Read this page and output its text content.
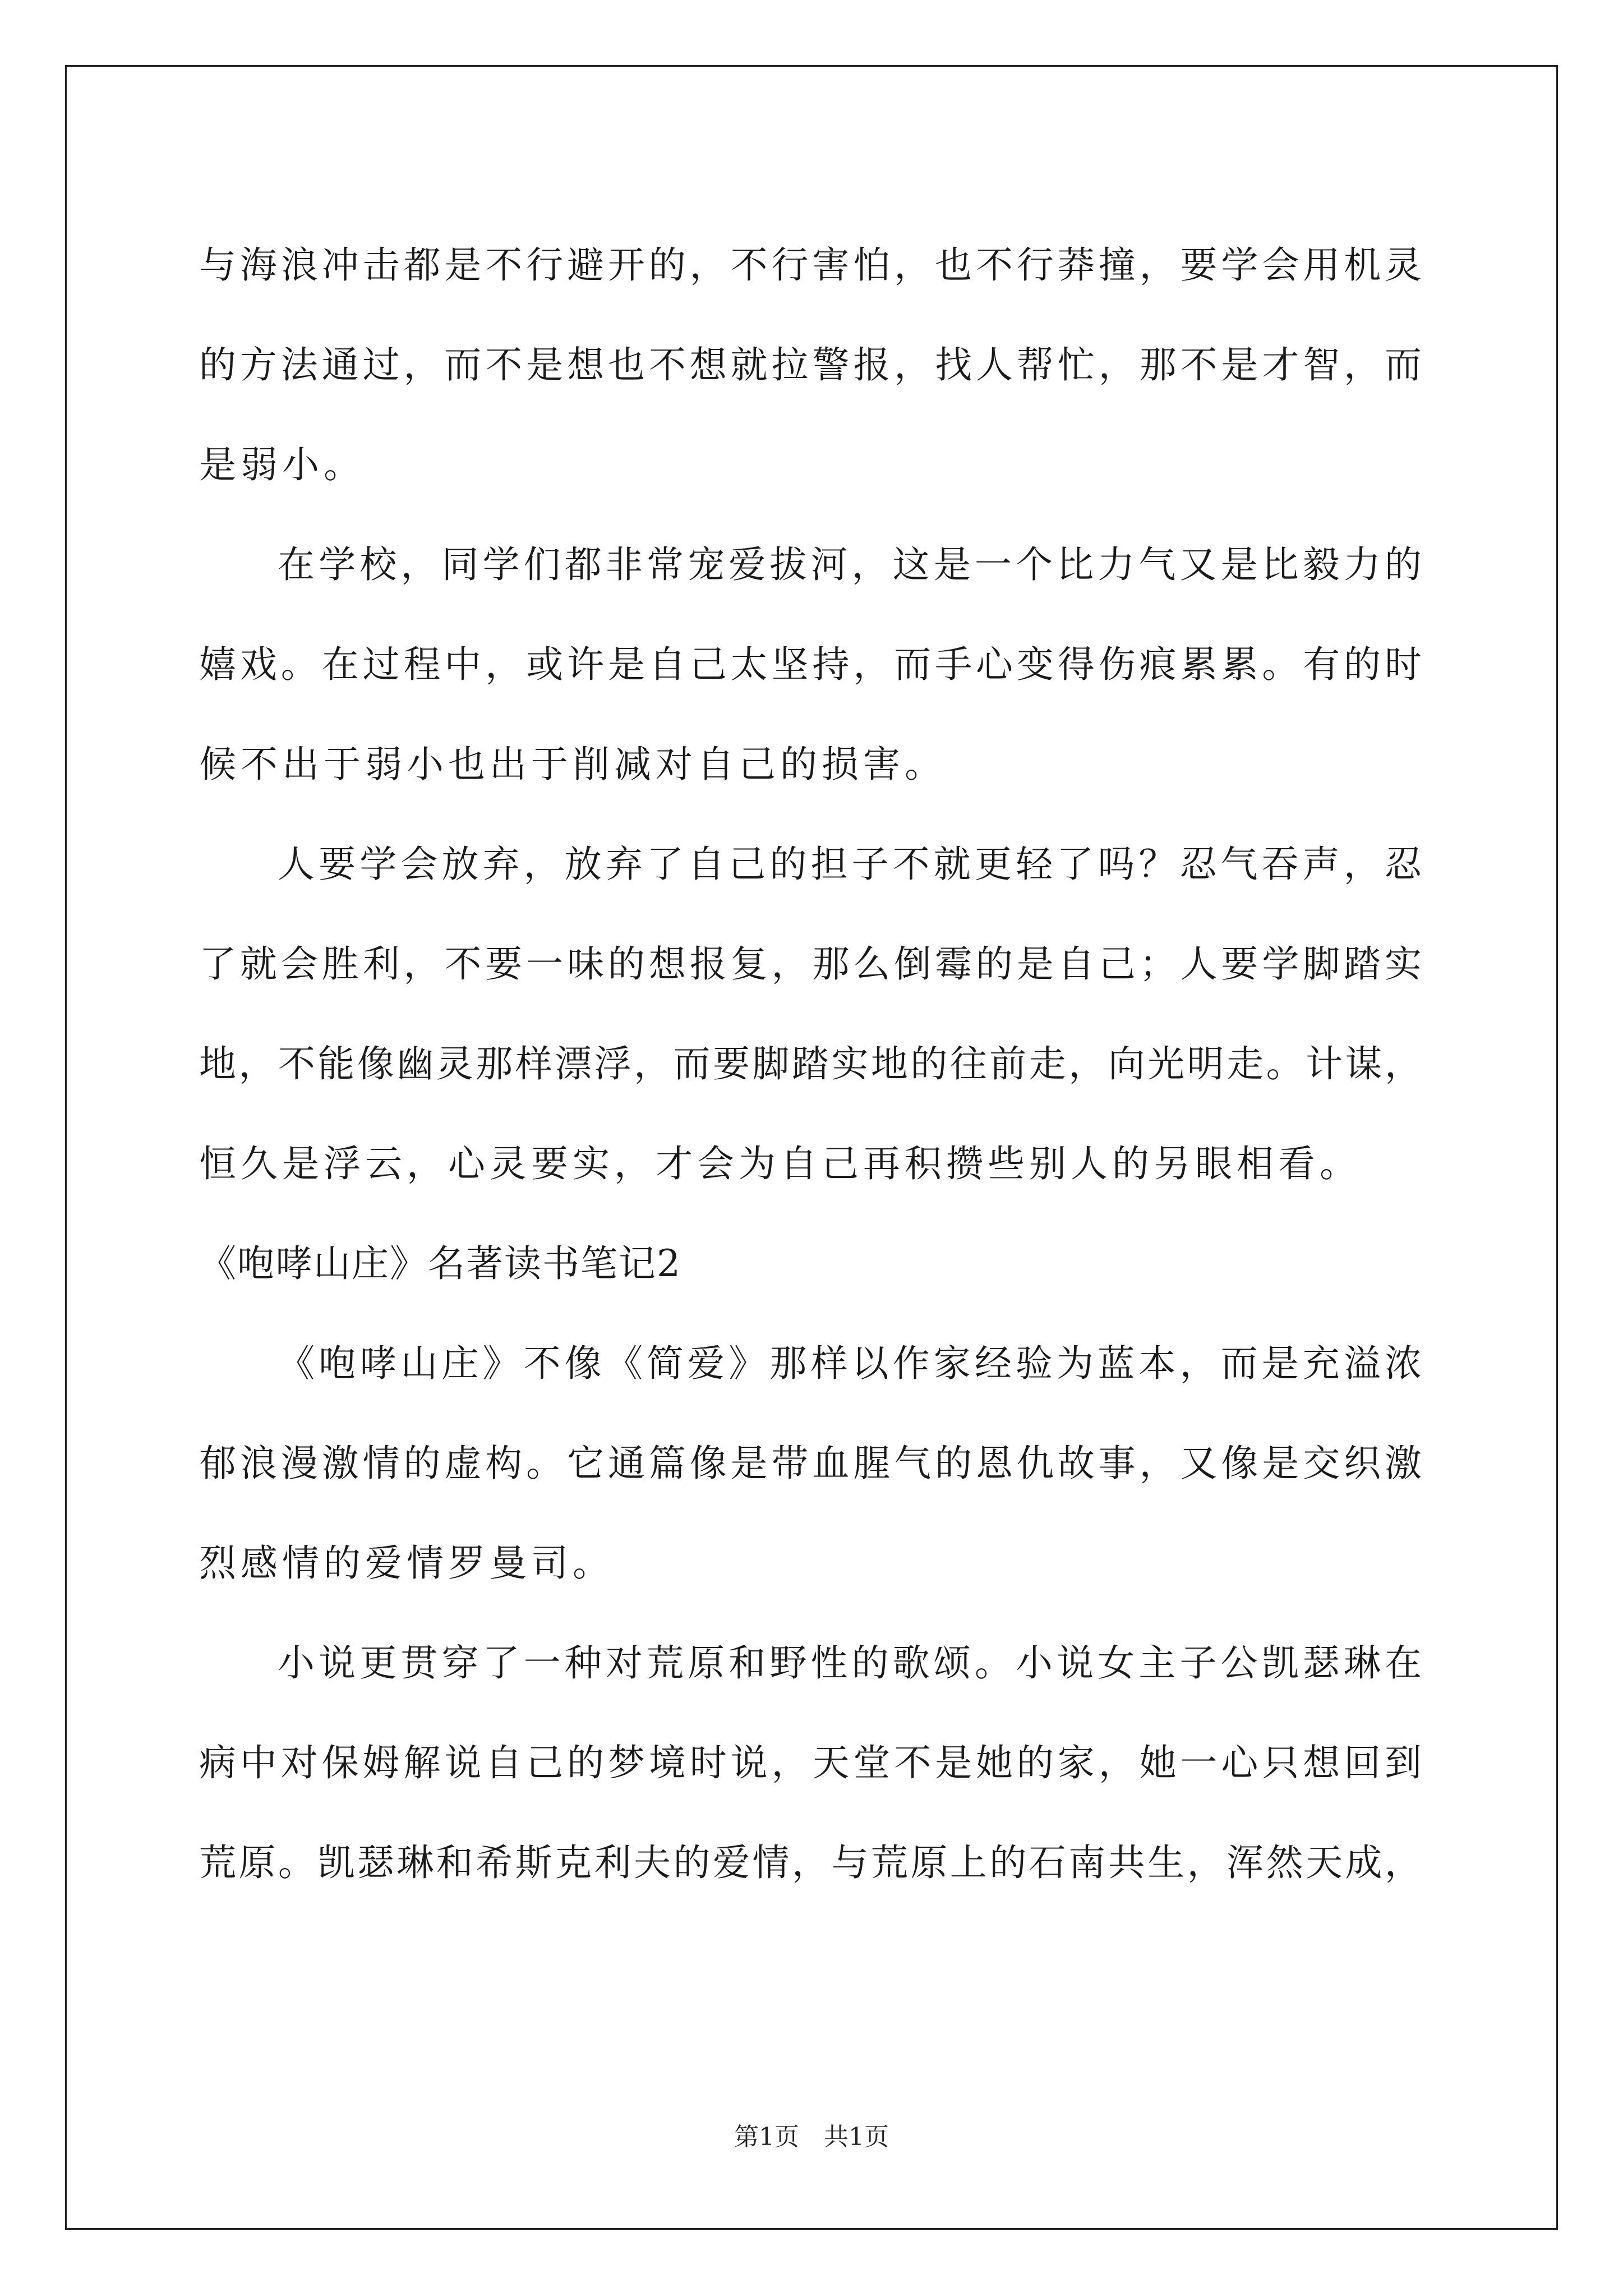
与海浪冲击都是不行避开的，不行害怕，也不行莽撞，要学会用机灵
的方法通过，而不是想也不想就拉警报，找人帮忙，那不是才智，而
是弱小。
在学校，同学们都非常宠爱拔河，这是一个比力气又是比毅力的
嬉戏。在过程中，或许是自己太坚持，而手心变得伤痕累累。有的时
候不出于弱小也出于削减对自己的损害。
人要学会放弃，放弃了自己的担子不就更轻了吗？忍气吞声，忍
了就会胜利，不要一味的想报复，那么倒霉的是自己；人要学脚踏实
地，不能像幽灵那样漂浮，而要脚踏实地的往前走，向光明走。计谋，
恒久是浮云，心灵要实，才会为自己再积攒些别人的另眼相看。
《咆哮山庄》名著读书笔记2
《咆哮山庄》不像《简爱》那样以作家经验为蓝本，而是充溢浓
郁浪漫激情的虚构。它通篇像是带血腥气的恩仇故事，又像是交织激
烈感情的爱情罗曼司。
小说更贯穿了一种对荒原和野性的歌颂。小说女主子公凯瑟琳在
病中对保姆解说自己的梦境时说，天堂不是她的家，她一心只想回到
荒原。凯瑟琳和希斯克利夫的爱情，与荒原上的石南共生，浑然天成，
第1页　共1页
